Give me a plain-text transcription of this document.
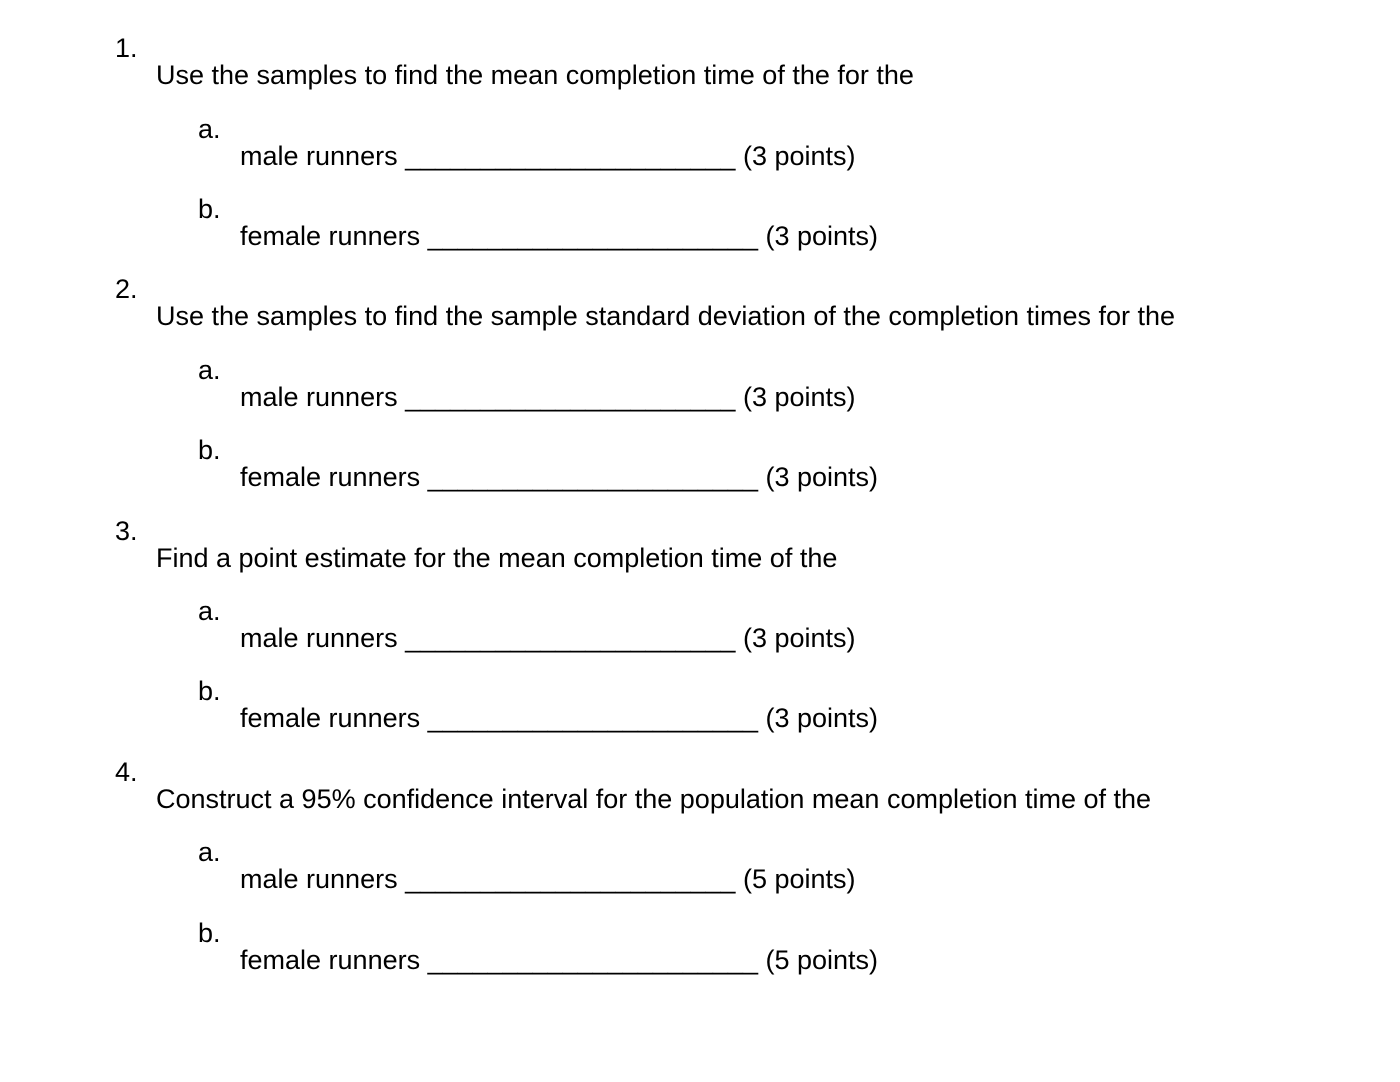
1.

Use the samples to find the mean completion time of the for the

a.

male runners ______________________ (3 points)

b.

female runners ______________________ (3 points)

2.

Use the samples to find the sample standard deviation of the completion times for the

a.

male runners ______________________ (3 points)

b.

female runners ______________________ (3 points)

3.

Find a point estimate for the mean completion time of the

a.

male runners ______________________ (3 points)

b.

female runners ______________________ (3 points)

4.

Construct a 95% confidence interval for the population mean completion time of the

a.

male runners ______________________ (5 points)

b.

female runners ______________________ (5 points)
